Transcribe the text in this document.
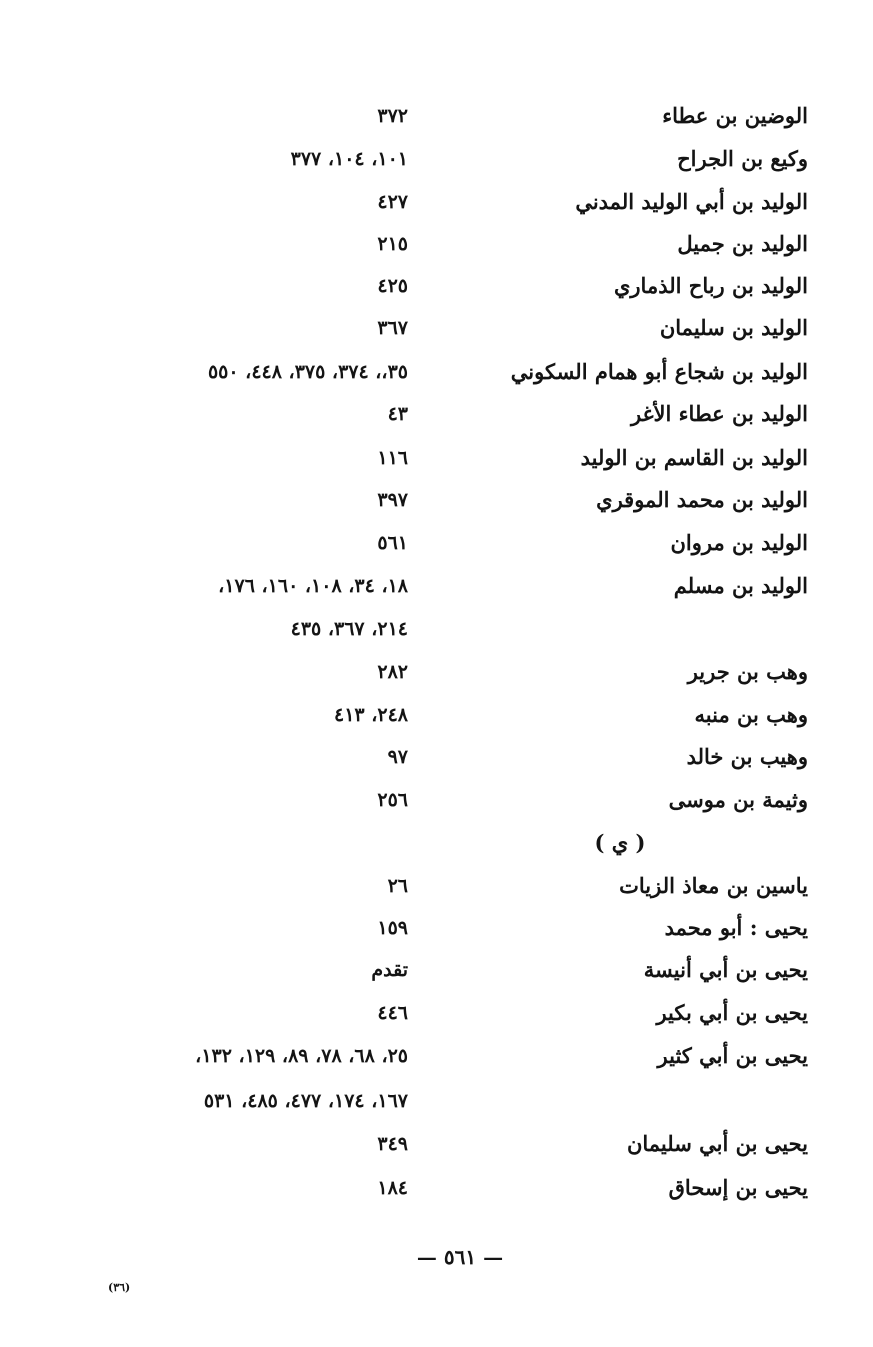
الوضين بن عطاء
٣٧٢
وكيع بن الجراح
١٠١، ١٠٤، ٣٧٧
الوليد بن أبي الوليد المدني
٤٢٧
الوليد بن جميل
٢١٥
الوليد بن رباح الذماري
٤٢٥
الوليد بن سليمان
٣٦٧
الوليد بن شجاع أبو همام السكوني
٣٥،، ٣٧٤، ٣٧٥، ٤٤٨، ٥٥٠
الوليد بن عطاء الأغر
٤٣
الوليد بن القاسم بن الوليد
١١٦
الوليد بن محمد الموقري
٣٩٧
الوليد بن مروان
٥٦١
الوليد بن مسلم
١٨، ٣٤، ١٠٨، ١٦٠، ١٧٦،
٢١٤، ٣٦٧، ٤٣٥
وهب بن جرير
٢٨٢
وهب بن منبه
٢٤٨، ٤١٣
وهيب بن خالد
٩٧
وثيمة بن موسى
٢٥٦
( ي )
ياسين بن معاذ الزيات
٢٦
يحيى : أبو محمد
١٥٩
يحيى بن أبي أنيسة
تقدم
يحيى بن أبي بكير
٤٤٦
يحيى بن أبي كثير
٢٥، ٦٨، ٧٨، ٨٩، ١٢٩، ١٣٢،
١٦٧، ١٧٤، ٤٧٧، ٤٨٥، ٥٣١
يحيى بن أبي سليمان
٣٤٩
يحيى بن إسحاق
١٨٤
— ٥٦١ —
(٣٦)
